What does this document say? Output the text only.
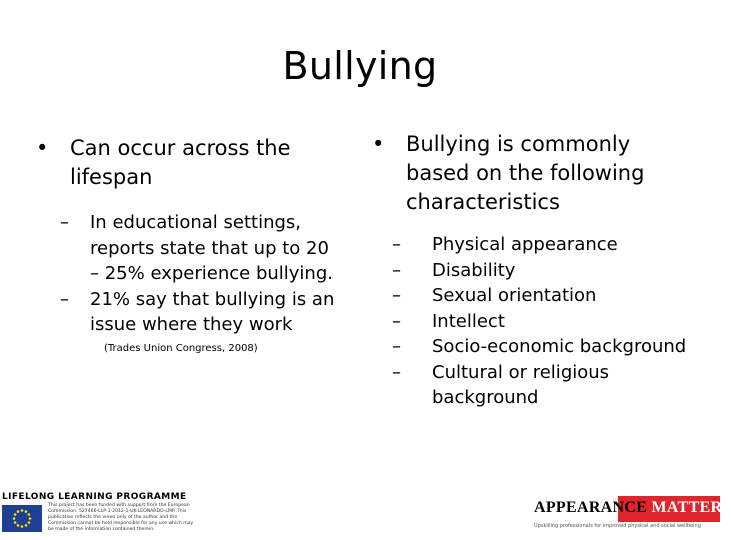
Bullying
• Can occur across the lifespan
– In educational settings, reports state that up to 20 – 25% experience bullying.
– 21% say that bullying is an issue where they work
(Trades Union Congress, 2008)
• Bullying is commonly based on the following characteristics
– Physical appearance
– Disability
– Sexual orientation
– Intellect
– Socio-economic background
– Cultural or religious background
LIFELONG LEARNING PROGRAMME
This project has been funded with support from the European Commission. 527466-LLP-1-2012-1-UK-LEONARDO-LMP. This publication reflects the views only of the author and the Commission cannot be held responsible for any use which may be made of the information contained therein.
APPEARANCE MATTERS
Upskilling professionals for improved physical and social wellbeing
